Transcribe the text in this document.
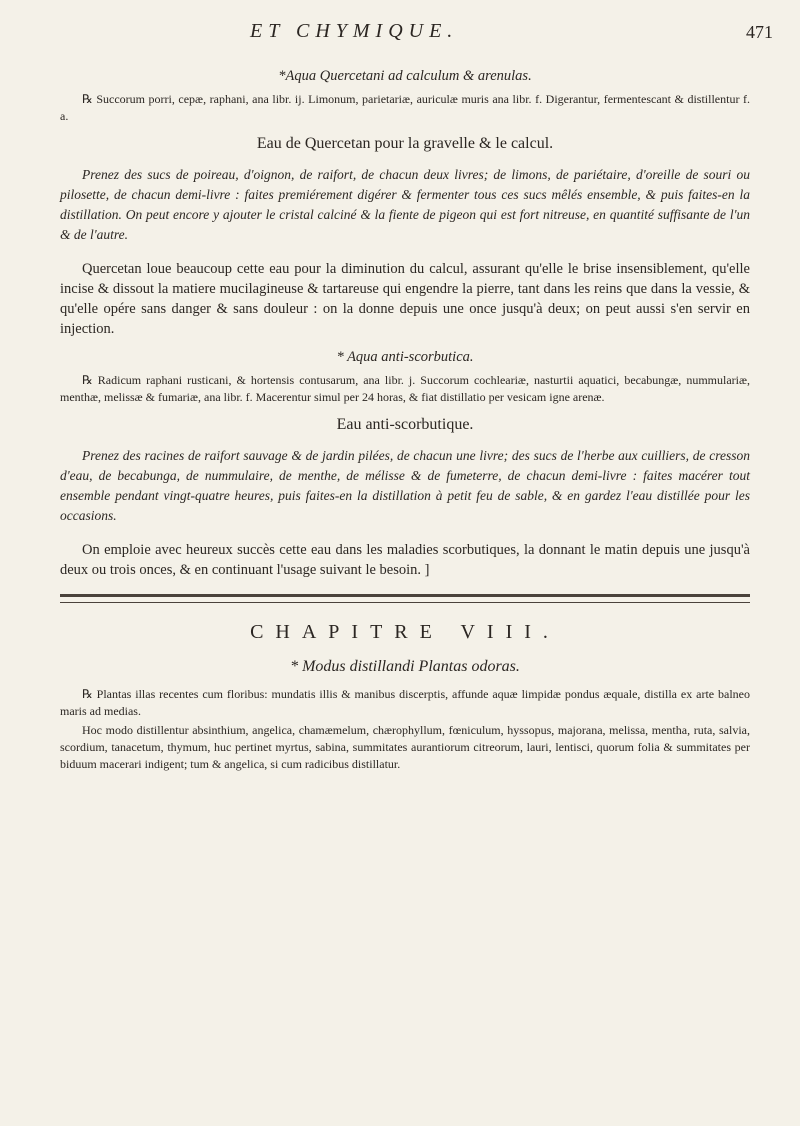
ET CHYMIQUE.	471

*Aqua Quercetani ad calculum & arenulas.

℞ Succorum porri, cepæ, raphani, ana libr. ij. Limonum, parietariæ, auriculæ muris ana libr. f. Digerantur, fermentescant & distillentur f. a.

Eau de Quercetan pour la gravelle & le calcul.

Prenez des sucs de poireau, d'oignon, de raifort, de chacun deux livres; de limons, de pariétaire, d'oreille de souri ou pilosette, de chacun demi-livre : faites premiérement digérer & fermenter tous ces sucs mêlés ensemble, & puis faites-en la distillation. On peut encore y ajouter le cristal calciné & la fiente de pigeon qui est fort nitreuse, en quantité suffisante de l'un & de l'autre.

Quercetan loue beaucoup cette eau pour la diminution du calcul, assurant qu'elle le brise insensiblement, qu'elle incise & dissout la matiere mucilagineuse & tartareuse qui engendre la pierre, tant dans les reins que dans la vessie, & qu'elle opére sans danger & sans douleur : on la donne depuis une once jusqu'à deux; on peut aussi s'en servir en injection.

* Aqua anti-scorbutica.

℞ Radicum raphani rusticani, & hortensis contusarum, ana libr. j. Succorum cochleariæ, nasturtii aquatici, becabungæ, nummulariæ, menthæ, melissæ & fumariæ, ana libr. f. Macerentur simul per 24 horas, & fiat distillatio per vesicam igne arenæ.

Eau anti-scorbutique.

Prenez des racines de raifort sauvage & de jardin pilées, de chacun une livre; des sucs de l'herbe aux cuilliers, de cresson d'eau, de becabunga, de nummulaire, de menthe, de mélisse & de fumeterre, de chacun demi-livre : faites macérer tout ensemble pendant vingt-quatre heures, puis faites-en la distillation à petit feu de sable, & en gardez l'eau distillée pour les occasions.

On emploie avec heureux succès cette eau dans les maladies scorbutiques, la donnant le matin depuis une jusqu'à deux ou trois onces, & en continuant l'usage suivant le besoin. ]

CHAPITRE VIII.

* Modus distillandi Plantas odoras.

℞ Plantas illas recentes cum floribus: mundatis illis & manibus discerptis, affunde aquæ limpidæ pondus æquale, distilla ex arte balneo maris ad medias.

Hoc modo distillentur absinthium, angelica, chamæmelum, chærophyllum, fœniculum, hyssopus, majorana, melissa, mentha, ruta, salvia, scordium, tanacetum, thymum, huc pertinet myrtus, sabina, summitates aurantiorum citreorum, lauri, lentisci, quorum folia & summitates per biduum macerari indigent; tum & angelica, si cum radicibus distillatur.
